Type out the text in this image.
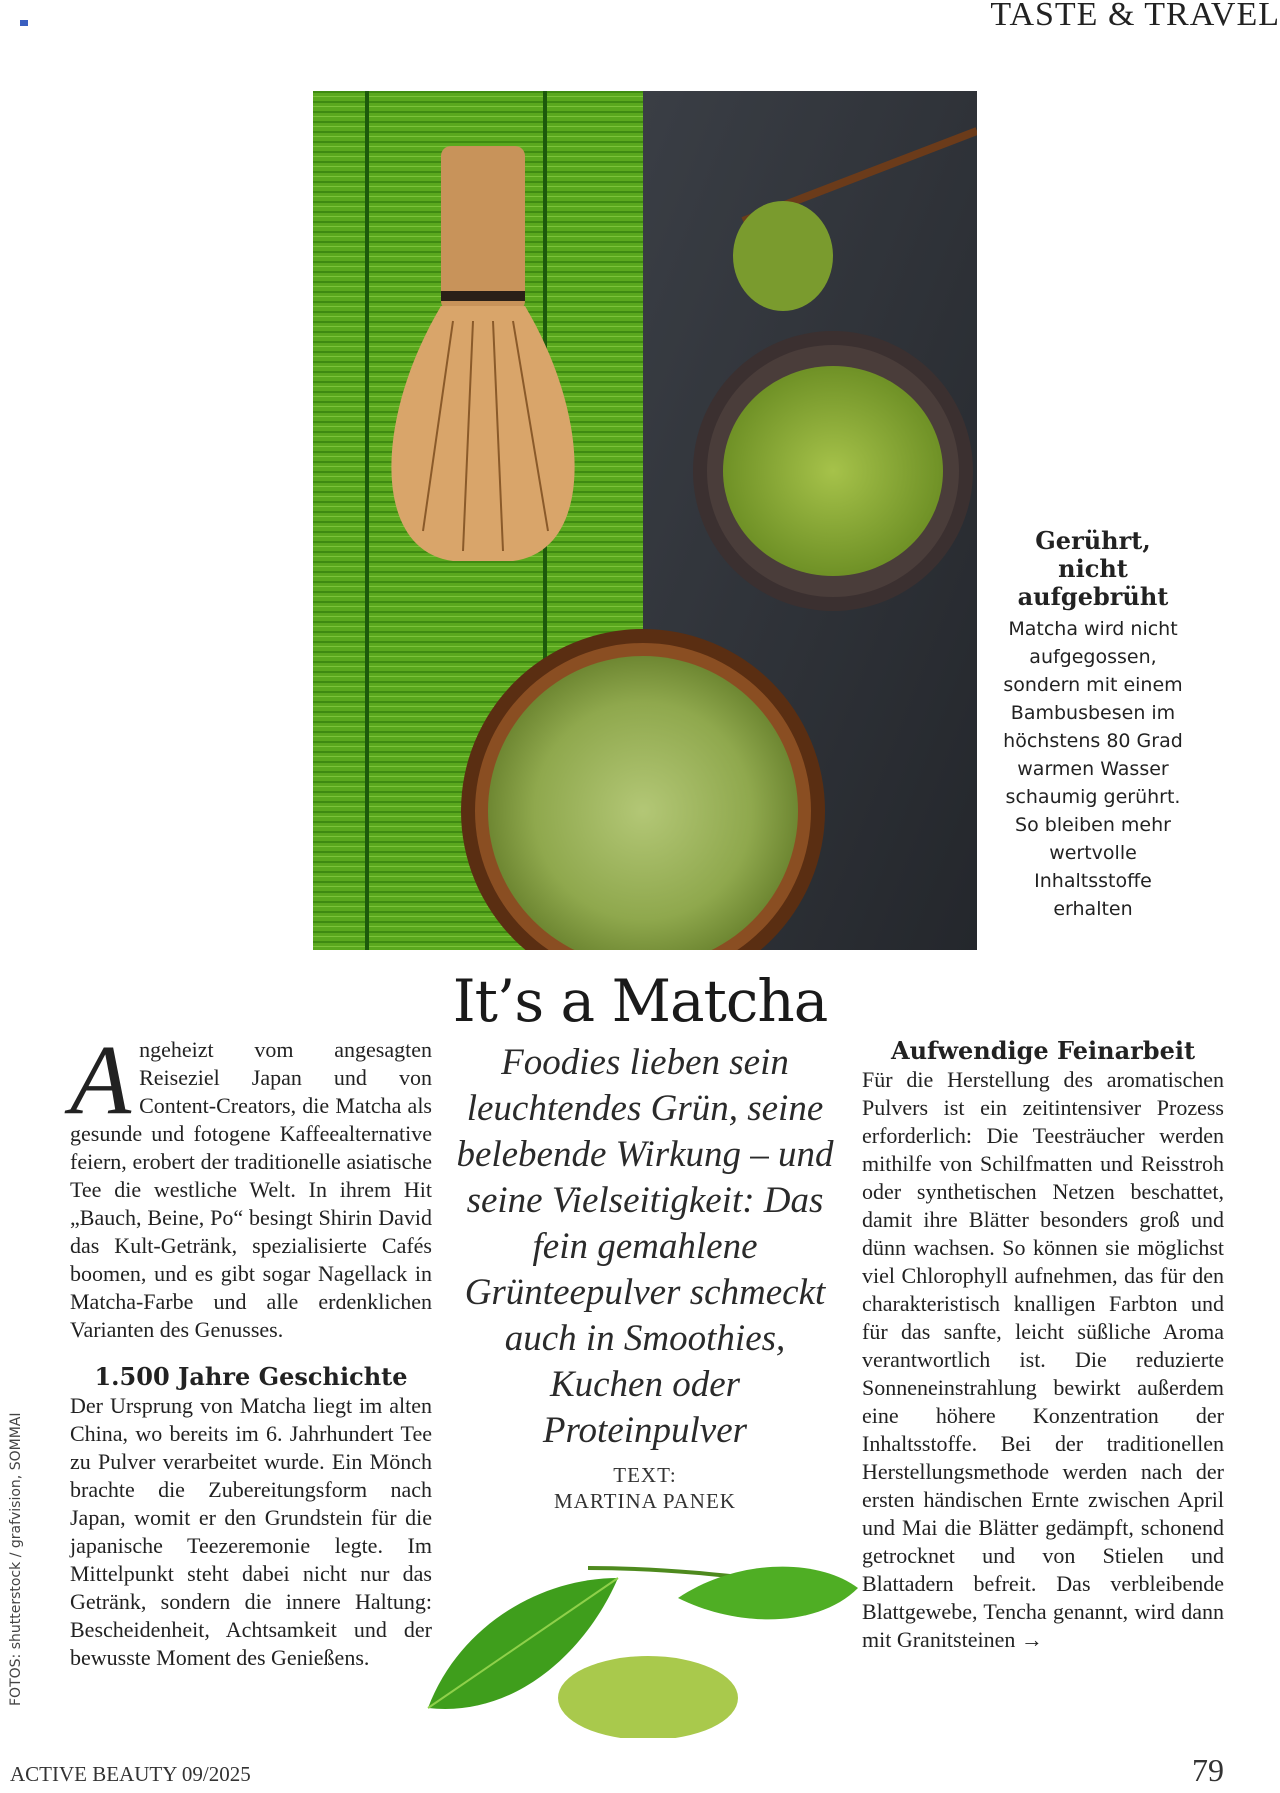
TASTE & TRAVEL
Gerührt, nicht aufgebrüht

Matcha wird nicht aufgegossen, sondern mit einem Bambusbesen im höchstens 80 Grad warmen Wasser schaumig gerührt. So bleiben mehr wertvolle Inhaltsstoffe erhalten

FOTOS: shutterstock / grafvision, SOMMAI
It’s a Matcha
Foodies lieben sein leuchtendes Grün, seine belebende Wirkung – und seine Vielseitigkeit: Das fein gemahlene Grünteepulver schmeckt auch in Smoothies, Kuchen oder Proteinpulver
TEXT:
MARTINA PANEK

Angeheizt vom angesagten Reiseziel Japan und von Content-Creators, die Matcha als gesunde und fotogene Kaffeealternative feiern, erobert der traditionelle asiatische Tee die westliche Welt. In ihrem Hit „Bauch, Beine, Po“ besingt Shirin David das Kult-Getränk, spezialisierte Cafés boomen, und es gibt sogar Nagellack in Matcha-Farbe und alle erdenklichen Varianten des Genusses.

1.500 Jahre Geschichte

Der Ursprung von Matcha liegt im alten China, wo bereits im 6. Jahrhundert Tee zu Pulver verarbeitet wurde. Ein Mönch brachte die Zubereitungsform nach Japan, womit er den Grundstein für die japanische Teezeremonie legte. Im Mittelpunkt steht dabei nicht nur das Getränk, sondern die innere Haltung: Bescheidenheit, Achtsamkeit und der bewusste Moment des Genießens.

Aufwendige Feinarbeit

Für die Herstellung des aromatischen Pulvers ist ein zeitintensiver Prozess erforderlich: Die Teesträucher werden mithilfe von Schilfmatten und Reisstroh oder synthetischen Netzen beschattet, damit ihre Blätter besonders groß und dünn wachsen. So können sie möglichst viel Chlorophyll aufnehmen, das für den charakteristisch knalligen Farbton und für das sanfte, leicht süßliche Aroma verantwortlich ist. Die reduzierte Sonneneinstrahlung bewirkt außerdem eine höhere Konzentration der Inhaltsstoffe. Bei der traditionellen Herstellungsmethode werden nach der ersten händischen Ernte zwischen April und Mai die Blätter gedämpft, schonend getrocknet und von Stielen und Blattadern befreit. Das verbleibende Blattgewebe, Tencha genannt, wird dann mit Granitsteinen →

ACTIVE BEAUTY 09/2025	79
